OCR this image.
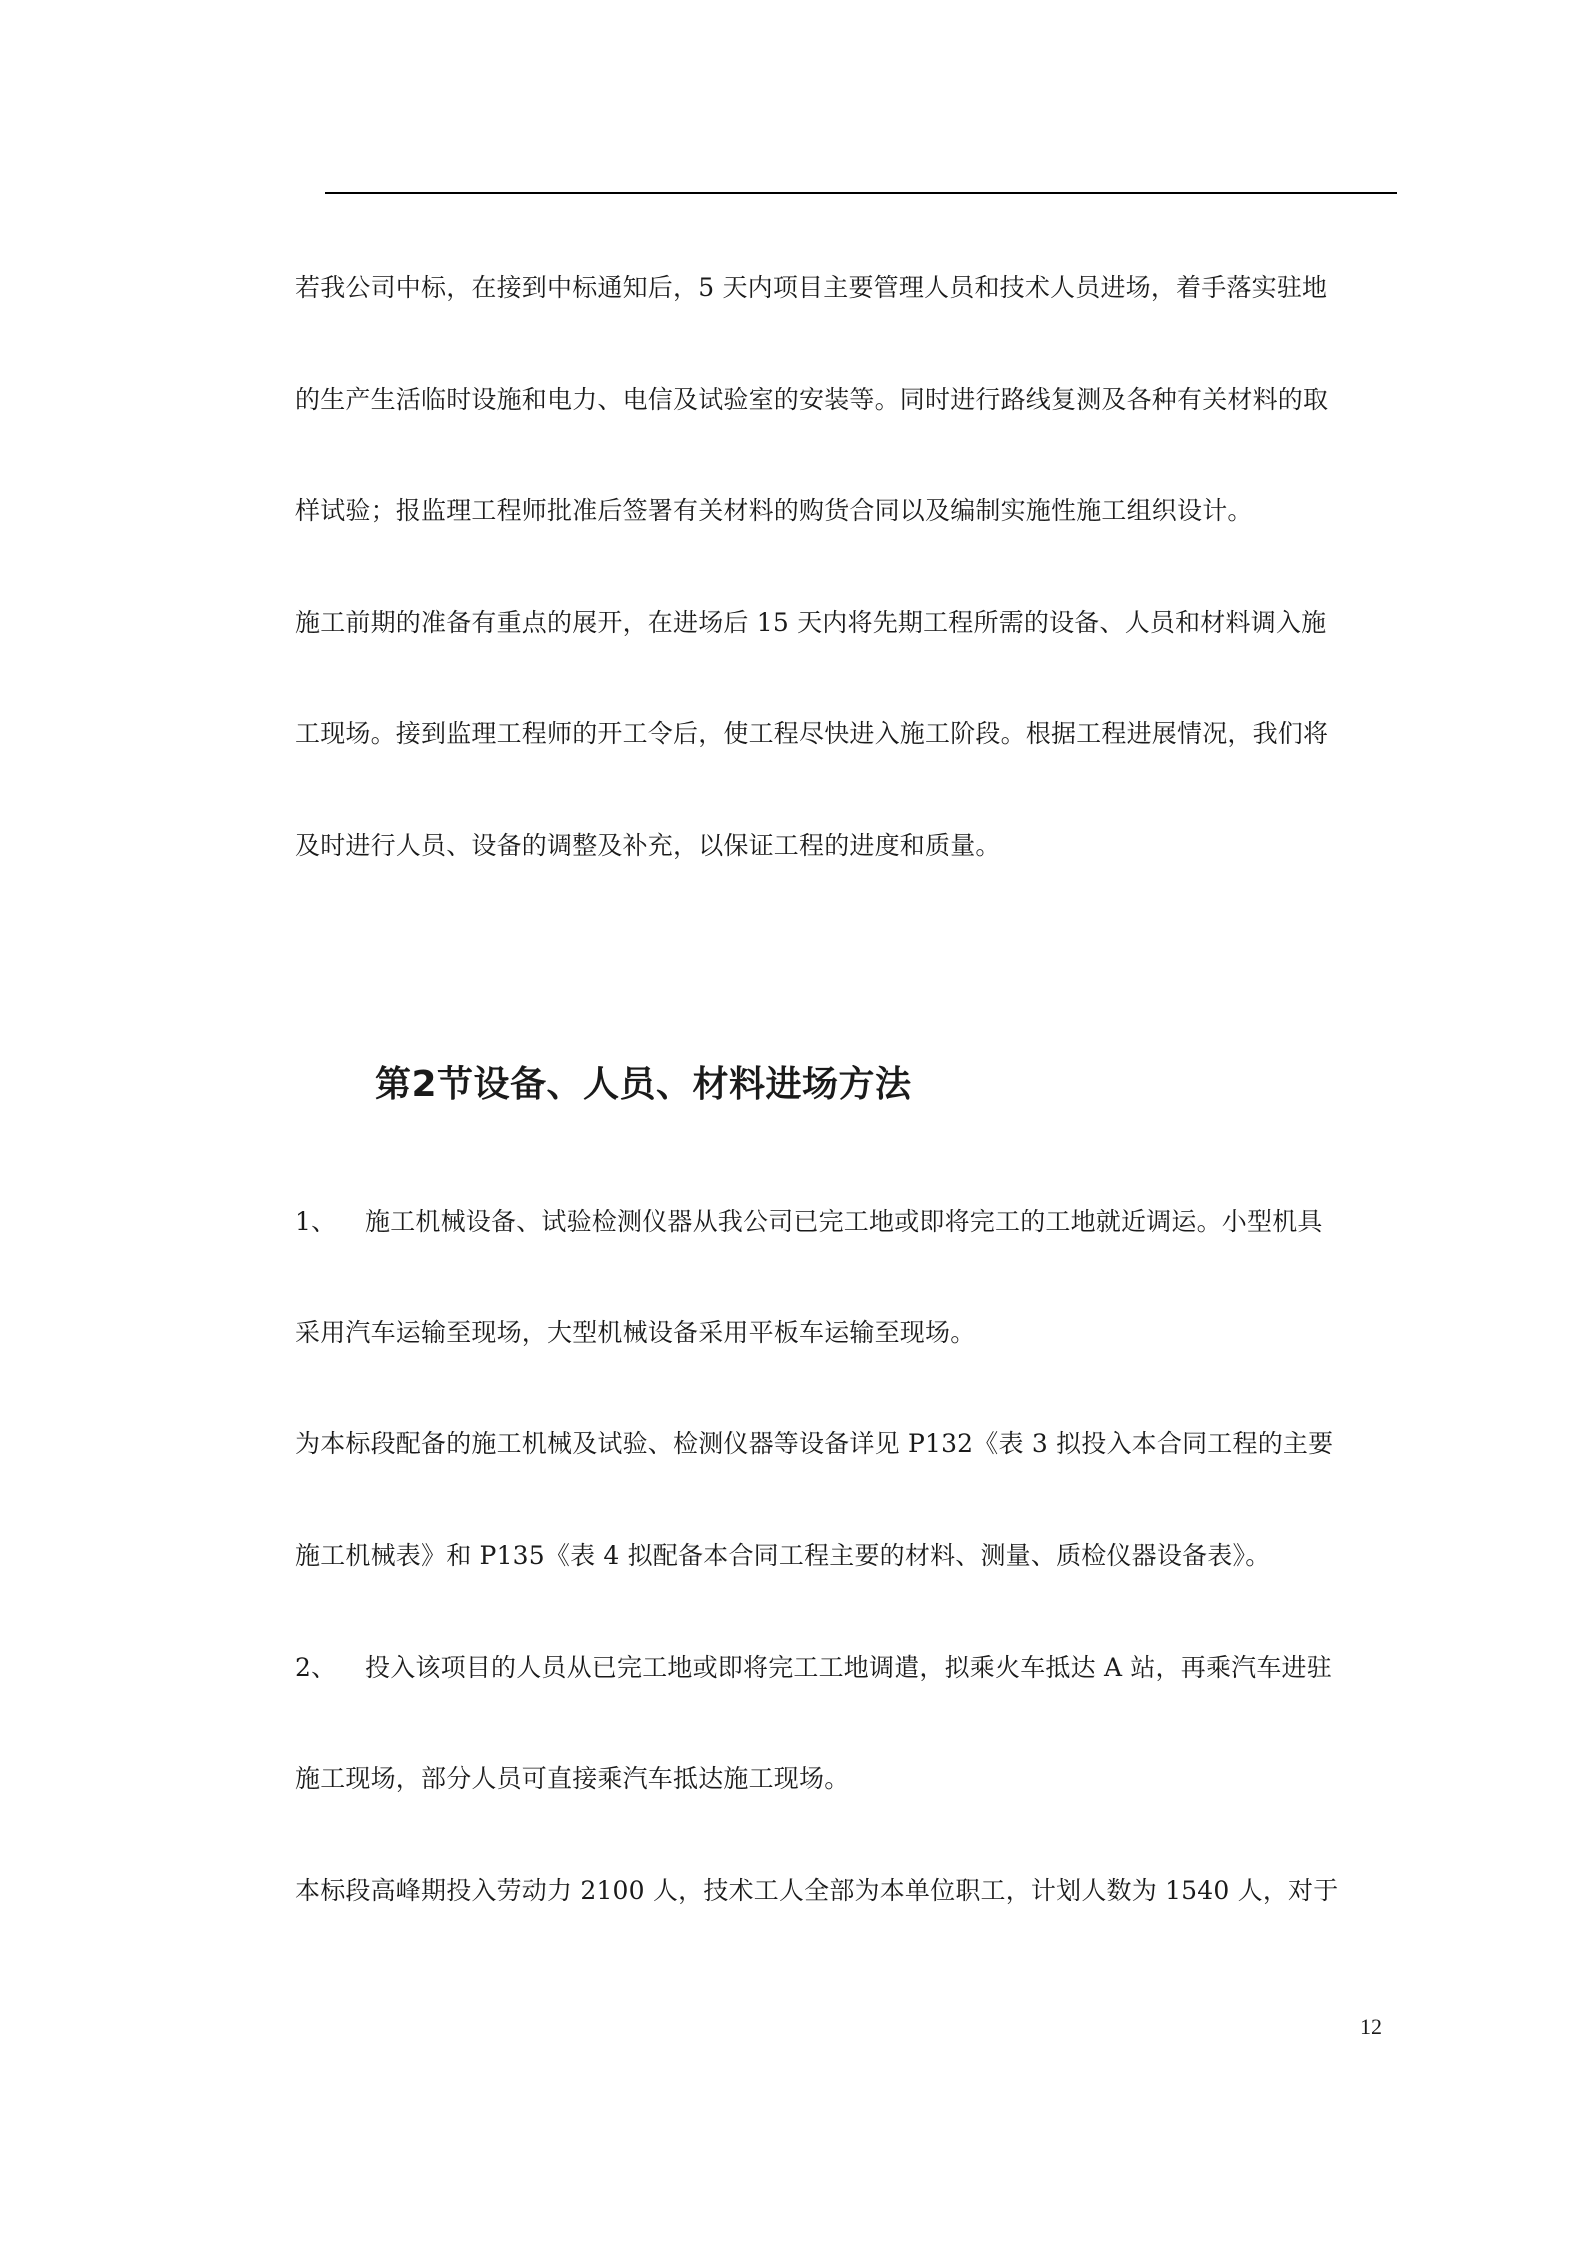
若我公司中标，在接到中标通知后，5 天内项目主要管理人员和技术人员进场，着手落实驻地
的生产生活临时设施和电力、电信及试验室的安装等。同时进行路线复测及各种有关材料的取
样试验；报监理工程师批准后签署有关材料的购货合同以及编制实施性施工组织设计。
施工前期的准备有重点的展开，在进场后 15 天内将先期工程所需的设备、人员和材料调入施
工现场。接到监理工程师的开工令后，使工程尽快进入施工阶段。根据工程进展情况，我们将
及时进行人员、设备的调整及补充，以保证工程的进度和质量。
第2节设备、人员、材料进场方法
1、 施工机械设备、试验检测仪器从我公司已完工地或即将完工的工地就近调运。小型机具
采用汽车运输至现场，大型机械设备采用平板车运输至现场。
为本标段配备的施工机械及试验、检测仪器等设备详见 P132《表 3 拟投入本合同工程的主要
施工机械表》和 P135《表 4 拟配备本合同工程主要的材料、测量、质检仪器设备表》。
2、 投入该项目的人员从已完工地或即将完工工地调遣，拟乘火车抵达 A 站，再乘汽车进驻
施工现场，部分人员可直接乘汽车抵达施工现场。
本标段高峰期投入劳动力 2100 人，技术工人全部为本单位职工，计划人数为 1540 人，对于
12
